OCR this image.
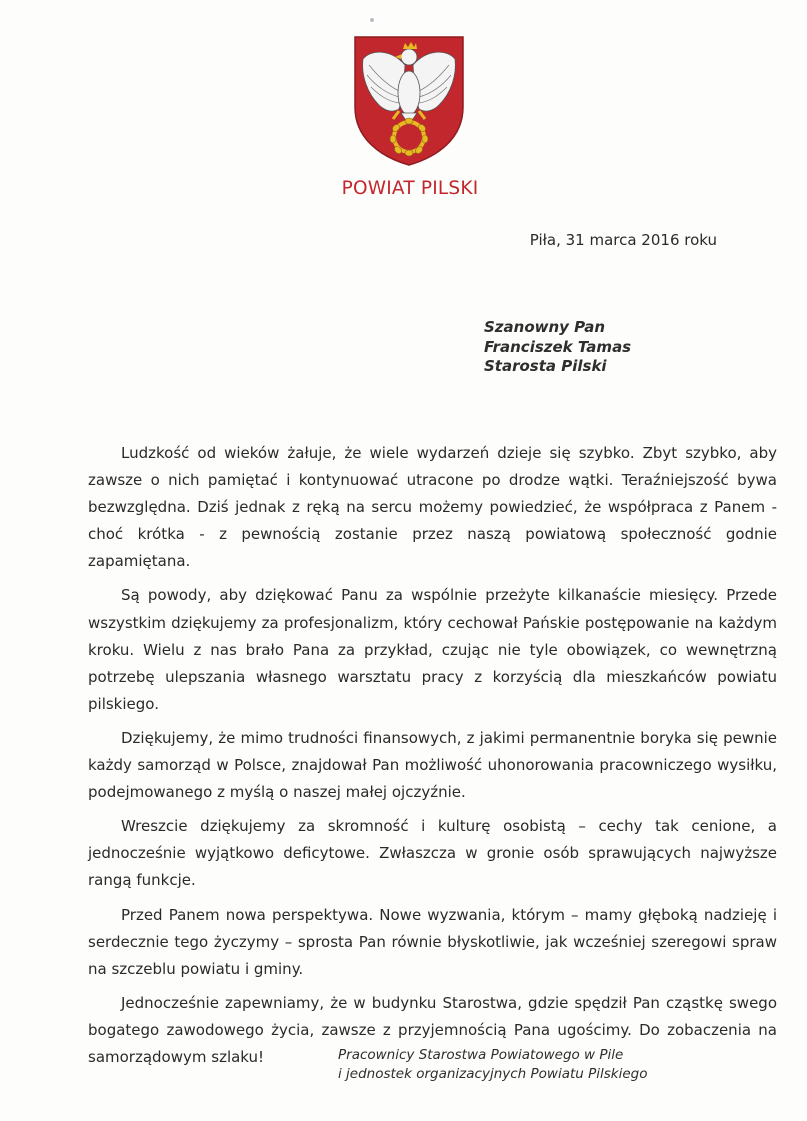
POWIAT PILSKI
Piła, 31 marca 2016 roku
Szanowny Pan
Franciszek Tamas
Starosta Pilski

Ludzkość od wieków żałuje, że wiele wydarzeń dzieje się szybko. Zbyt szybko, aby zawsze o nich pamiętać i kontynuować utracone po drodze wątki. Teraźniejszość bywa bezwzględna. Dziś jednak z ręką na sercu możemy powiedzieć, że współpraca z Panem - choć krótka - z pewnością zostanie przez naszą powiatową społeczność godnie zapamiętana.

Są powody, aby dziękować Panu za wspólnie przeżyte kilkanaście miesięcy. Przede wszystkim dziękujemy za profesjonalizm, który cechował Pańskie postępowanie na każdym kroku. Wielu z nas brało Pana za przykład, czując nie tyle obowiązek, co wewnętrzną potrzebę ulepszania własnego warsztatu pracy z korzyścią dla mieszkańców powiatu pilskiego.

Dziękujemy, że mimo trudności finansowych, z jakimi permanentnie boryka się pewnie każdy samorząd w Polsce, znajdował Pan możliwość uhonorowania pracowniczego wysiłku, podejmowanego z myślą o naszej małej ojczyźnie.

Wreszcie dziękujemy za skromność i kulturę osobistą – cechy tak cenione, a jednocześnie wyjątkowo deficytowe. Zwłaszcza w gronie osób sprawujących najwyższe rangą funkcje.

Przed Panem nowa perspektywa. Nowe wyzwania, którym – mamy głęboką nadzieję i serdecznie tego życzymy – sprosta Pan równie błyskotliwie, jak wcześniej szeregowi spraw na szczeblu powiatu i gminy.

Jednocześnie zapewniamy, że w budynku Starostwa, gdzie spędził Pan cząstkę swego bogatego zawodowego życia, zawsze z przyjemnością Pana ugościmy. Do zobaczenia na samorządowym szlaku!	Pracownicy Starostwa Powiatowego w Pile
i jednostek organizacyjnych Powiatu Pilskiego
